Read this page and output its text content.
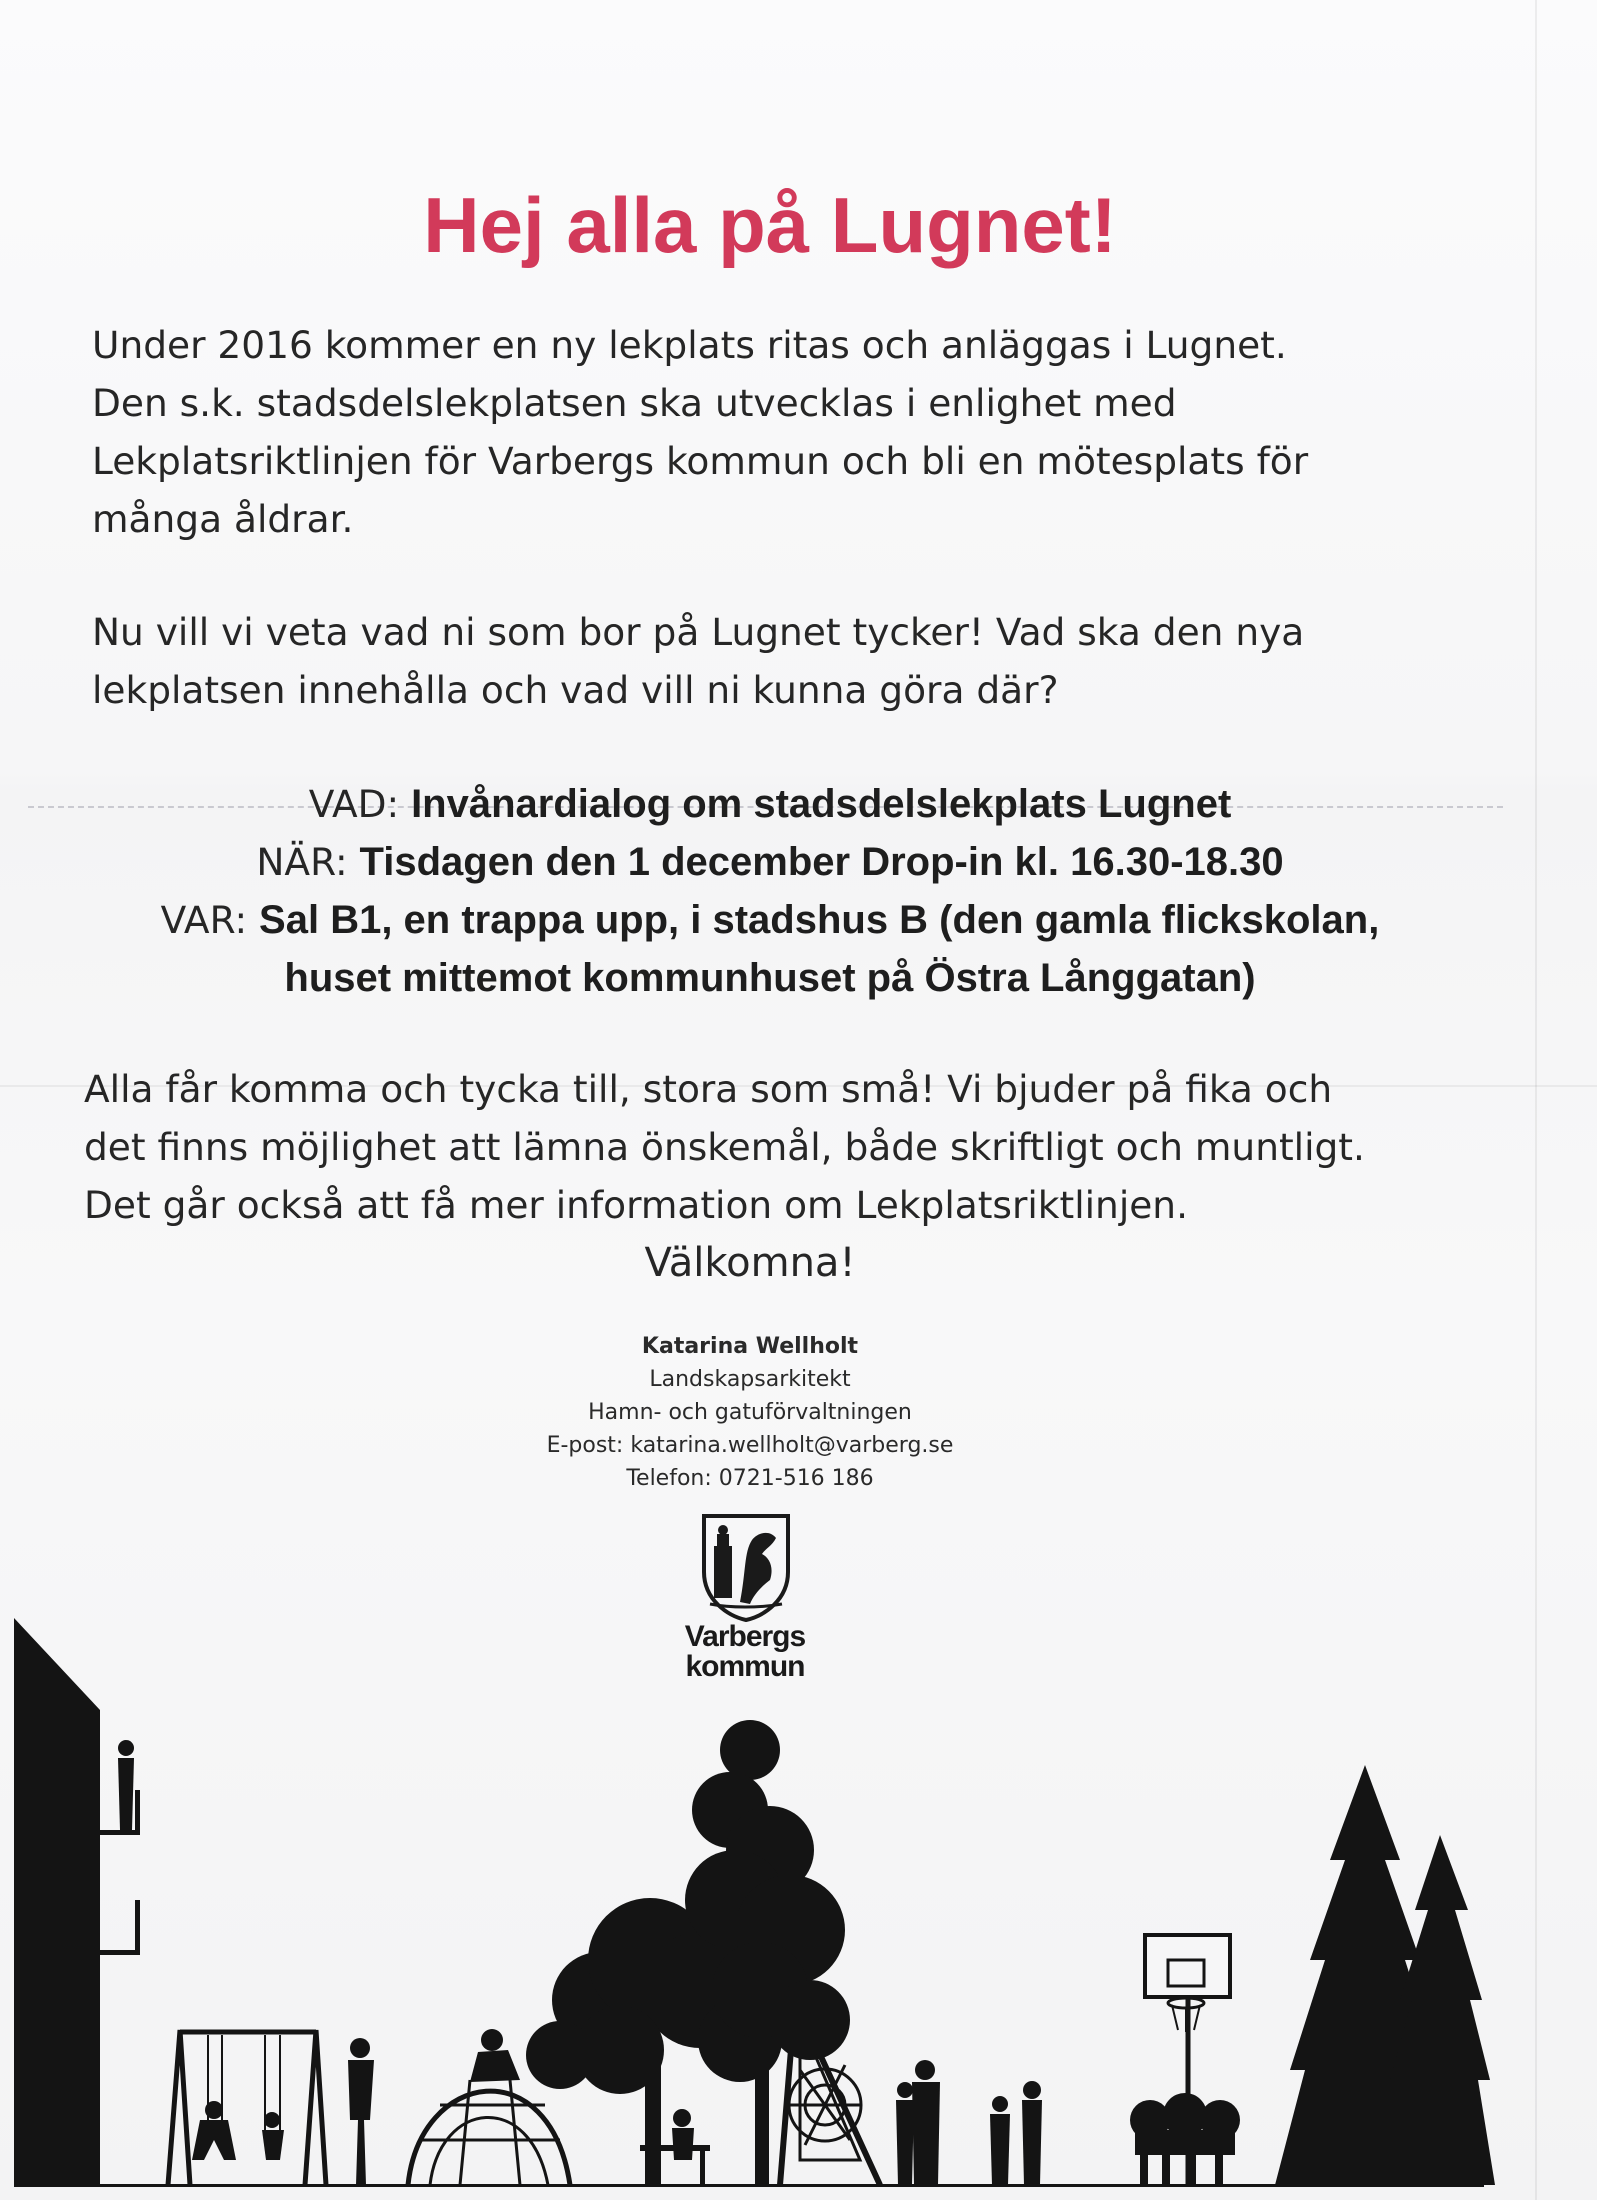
Hej alla på Lugnet!

Under 2016 kommer en ny lekplats ritas och anläggas i Lugnet.
Den s.k. stadsdelslekplatsen ska utvecklas i enlighet med
Lekplatsriktlinjen för Varbergs kommun och bli en mötesplats för
många åldrar.

Nu vill vi veta vad ni som bor på Lugnet tycker! Vad ska den nya
lekplatsen innehålla och vad vill ni kunna göra där?

VAD: Invånardialog om stadsdelslekplats Lugnet
NÄR: Tisdagen den 1 december Drop-in kl. 16.30-18.30
VAR: Sal B1, en trappa upp, i stadshus B (den gamla flickskolan,
huset mittemot kommunhuset på Östra Långgatan)

Alla får komma och tycka till, stora som små! Vi bjuder på fika och
det finns möjlighet att lämna önskemål, både skriftligt och muntligt.
Det går också att få mer information om Lekplatsriktlinjen.

Välkomna!

Katarina Wellholt
Landskapsarkitekt
Hamn- och gatuförvaltningen
E-post: katarina.wellholt@varberg.se
Telefon: 0721-516 186
Varbergs
kommun
